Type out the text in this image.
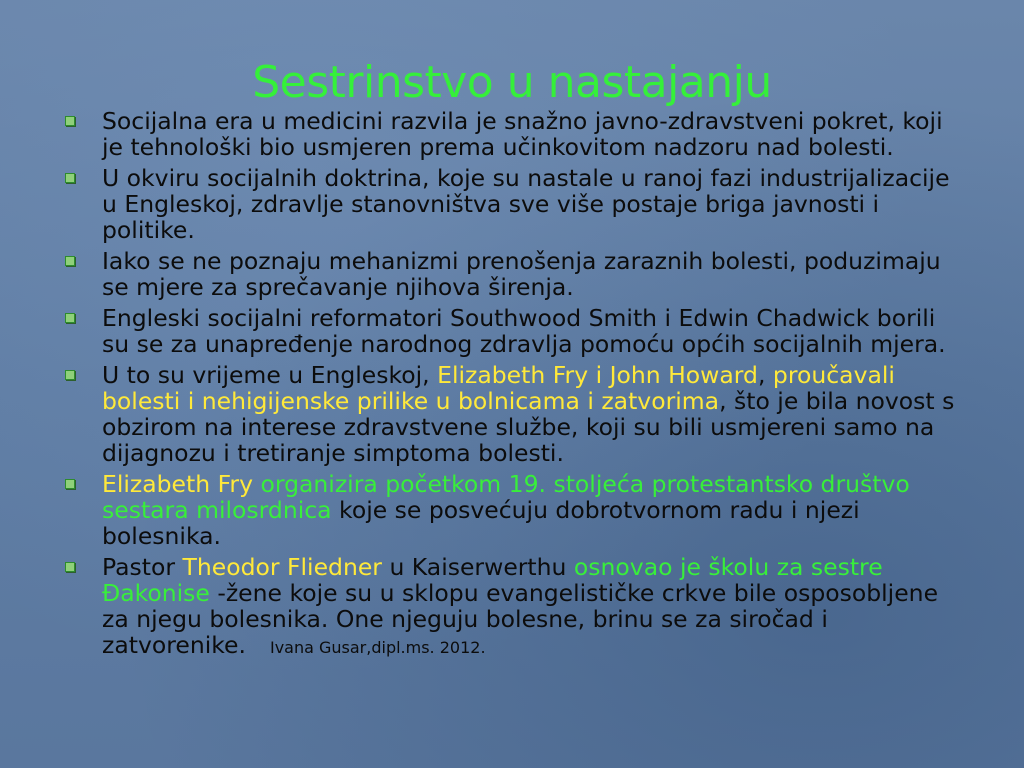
Sestrinstvo u nastajanju
Socijalna era u medicini razvila je snažno javno-zdravstveni pokret, koji je tehnološki bio usmjeren prema učinkovitom nadzoru nad bolesti.
U okviru socijalnih doktrina, koje su nastale u ranoj fazi industrijalizacije u Engleskoj, zdravlje stanovništva sve više postaje briga javnosti i politike.
Iako se ne poznaju mehanizmi prenošenja zaraznih bolesti, poduzimaju se mjere za sprečavanje njihova širenja.
Engleski socijalni reformatori Southwood Smith i Edwin Chadwick borili su se za unapređenje narodnog zdravlja pomoću općih socijalnih mjera.
U to su vrijeme u Engleskoj, Elizabeth Fry i John Howard, proučavali bolesti i nehigijenske prilike u bolnicama i zatvorima, što je bila novost s obzirom na interese zdravstvene službe, koji su bili usmjereni samo na dijagnozu i tretiranje simptoma bolesti.
Elizabeth Fry organizira početkom 19. stoljeća protestantsko društvo sestara milosrdnica koje se posvećuju dobrotvornom radu i njezi bolesnika.
Pastor Theodor Fliedner u Kaiserwerthu osnovao je školu za sestre Đakonise -žene koje su u sklopu evangelističke crkve bile osposobljene za njegu bolesnika. One njeguju bolesne, brinu se za siročad i zatvorenike. Ivana Gusar,dipl.ms. 2012.
